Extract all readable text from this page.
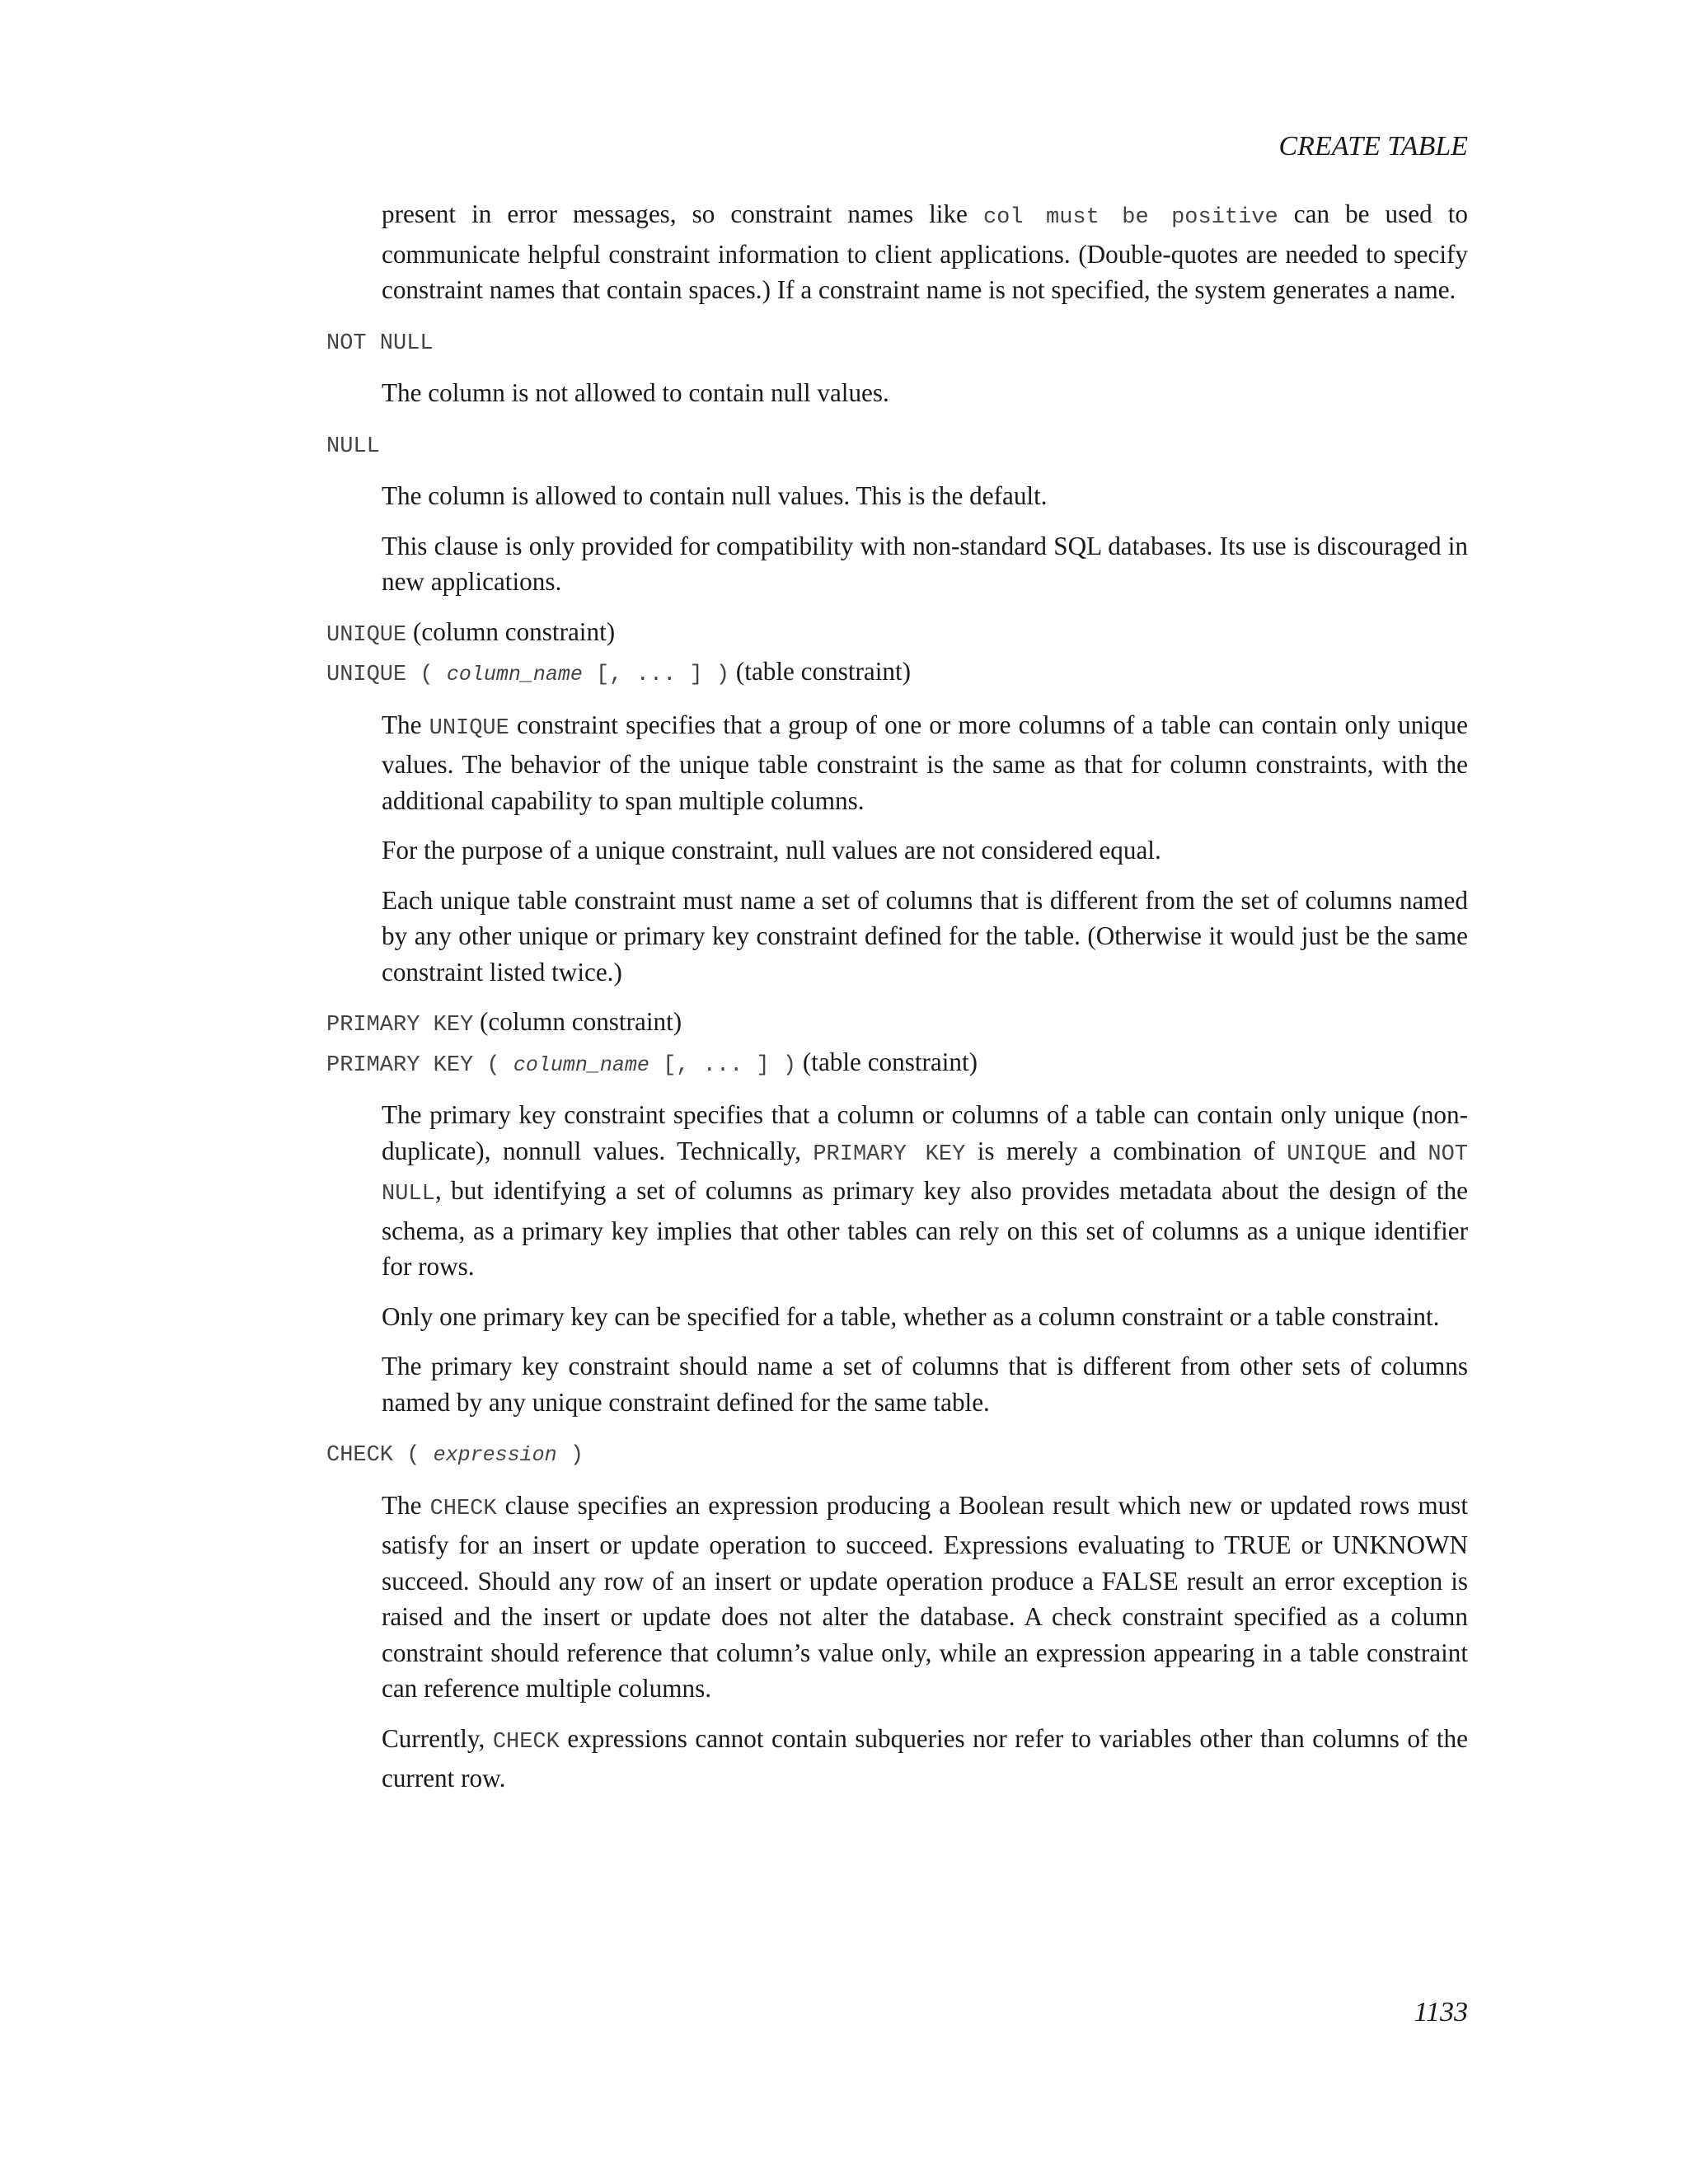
CREATE TABLE

present in error messages, so constraint names like col must be positive can be used to communicate helpful constraint information to client applications. (Double-quotes are needed to specify constraint names that contain spaces.) If a constraint name is not specified, the system generates a name.

NOT NULL

The column is not allowed to contain null values.

NULL

The column is allowed to contain null values. This is the default.

This clause is only provided for compatibility with non-standard SQL databases. Its use is discouraged in new applications.

UNIQUE (column constraint)

UNIQUE ( column_name [, ... ] ) (table constraint)

The UNIQUE constraint specifies that a group of one or more columns of a table can contain only unique values. The behavior of the unique table constraint is the same as that for column constraints, with the additional capability to span multiple columns.

For the purpose of a unique constraint, null values are not considered equal.

Each unique table constraint must name a set of columns that is different from the set of columns named by any other unique or primary key constraint defined for the table. (Otherwise it would just be the same constraint listed twice.)

PRIMARY KEY (column constraint)

PRIMARY KEY ( column_name [, ... ] ) (table constraint)

The primary key constraint specifies that a column or columns of a table can contain only unique (non-duplicate), nonnull values. Technically, PRIMARY KEY is merely a combination of UNIQUE and NOT NULL, but identifying a set of columns as primary key also provides metadata about the design of the schema, as a primary key implies that other tables can rely on this set of columns as a unique identifier for rows.

Only one primary key can be specified for a table, whether as a column constraint or a table constraint.

The primary key constraint should name a set of columns that is different from other sets of columns named by any unique constraint defined for the same table.

CHECK ( expression )

The CHECK clause specifies an expression producing a Boolean result which new or updated rows must satisfy for an insert or update operation to succeed. Expressions evaluating to TRUE or UNKNOWN succeed. Should any row of an insert or update operation produce a FALSE result an error exception is raised and the insert or update does not alter the database. A check constraint specified as a column constraint should reference that column’s value only, while an expression appearing in a table constraint can reference multiple columns.

Currently, CHECK expressions cannot contain subqueries nor refer to variables other than columns of the current row.

1133
